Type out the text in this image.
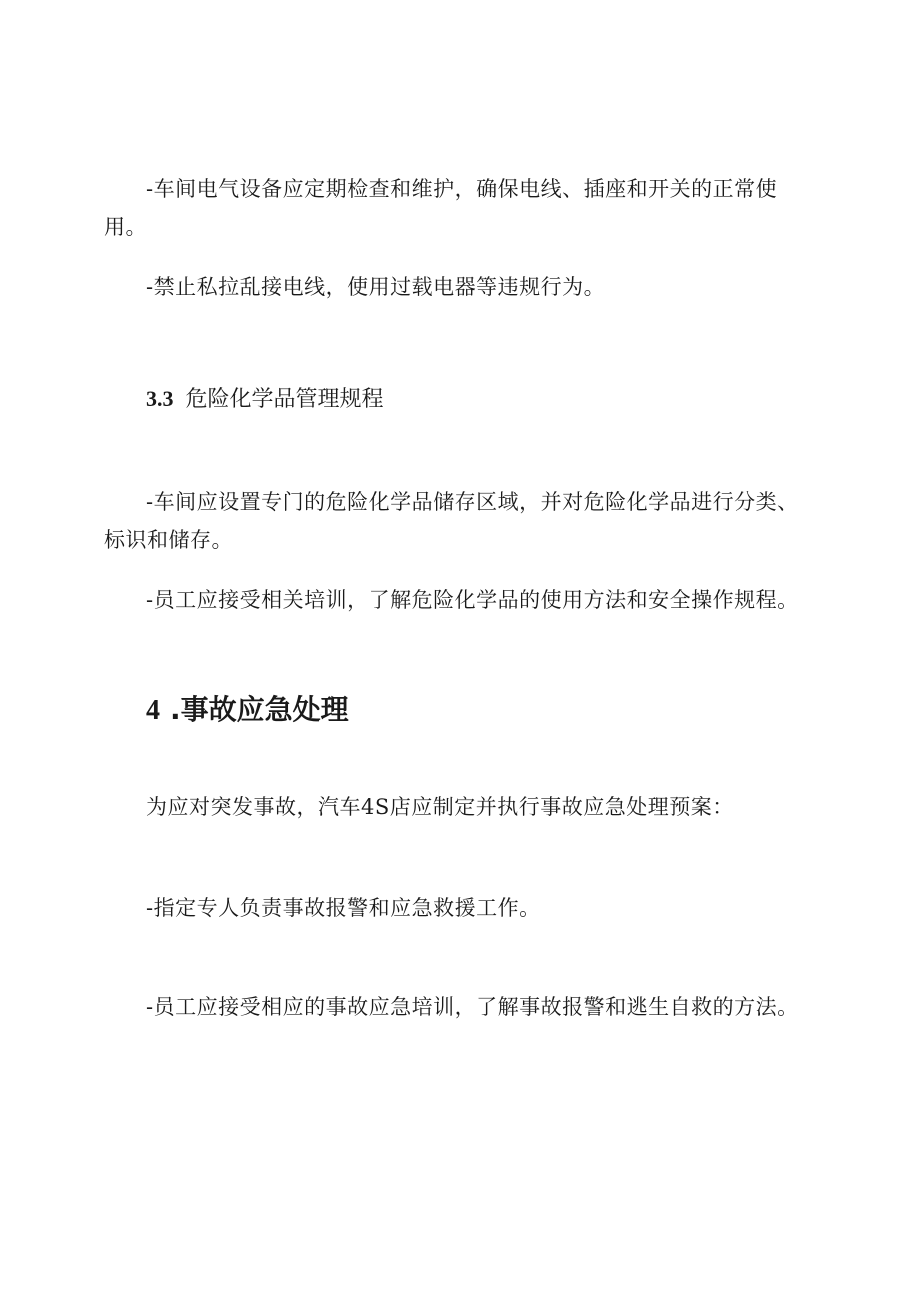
-车间电气设备应定期检查和维护，确保电线、插座和开关的正常使用。

-禁止私拉乱接电线，使用过载电器等违规行为。

3.3 危险化学品管理规程

-车间应设置专门的危险化学品储存区域，并对危险化学品进行分类、标识和储存。

-员工应接受相关培训，了解危险化学品的使用方法和安全操作规程。

4 .事故应急处理

为应对突发事故，汽车4S店应制定并执行事故应急处理预案：

-指定专人负责事故报警和应急救援工作。

-员工应接受相应的事故应急培训，了解事故报警和逃生自救的方法。
